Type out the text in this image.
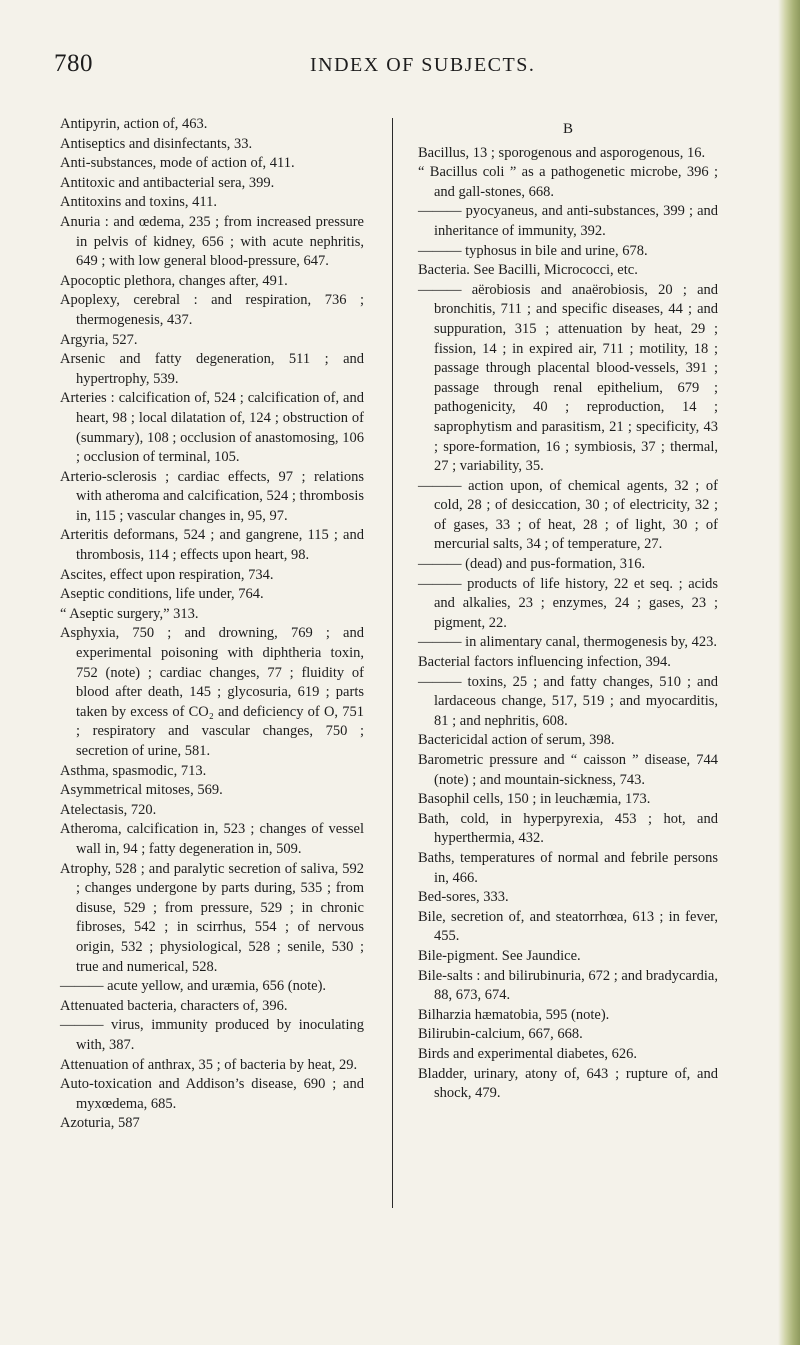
780	INDEX OF SUBJECTS.

Antipyrin, action of, 463.

Antiseptics and disinfectants, 33.

Anti-substances, mode of action of, 411.

Antitoxic and antibacterial sera, 399.

Antitoxins and toxins, 411.

Anuria : and œdema, 235 ; from increased pressure in pelvis of kidney, 656 ; with acute nephritis, 649 ; with low general blood-pressure, 647.

Apocoptic plethora, changes after, 491.

Apoplexy, cerebral : and respiration, 736 ; thermogenesis, 437.

Argyria, 527.

Arsenic and fatty degeneration, 511 ; and hypertrophy, 539.

Arteries : calcification of, 524 ; calcification of, and heart, 98 ; local dilatation of, 124 ; obstruction of (summary), 108 ; occlusion of anastomosing, 106 ; occlusion of terminal, 105.

Arterio-sclerosis ; cardiac effects, 97 ; relations with atheroma and calcification, 524 ; thrombosis in, 115 ; vascular changes in, 95, 97.

Arteritis deformans, 524 ; and gangrene, 115 ; and thrombosis, 114 ; effects upon heart, 98.

Ascites, effect upon respiration, 734.

Aseptic conditions, life under, 764.

“ Aseptic surgery,” 313.

Asphyxia, 750 ; and drowning, 769 ; and experimental poisoning with diphtheria toxin, 752 (note) ; cardiac changes, 77 ; fluidity of blood after death, 145 ; glycosuria, 619 ; parts taken by excess of CO₂ and deficiency of O, 751 ; respiratory and vascular changes, 750 ; secretion of urine, 581.

Asthma, spasmodic, 713.

Asymmetrical mitoses, 569.

Atelectasis, 720.

Atheroma, calcification in, 523 ; changes of vessel wall in, 94 ; fatty degeneration in, 509.

Atrophy, 528 ; and paralytic secretion of saliva, 592 ; changes undergone by parts during, 535 ; from disuse, 529 ; from pressure, 529 ; in chronic fibroses, 542 ; in scirrhus, 554 ; of nervous origin, 532 ; physiological, 528 ; senile, 530 ; true and numerical, 528.

——— acute yellow, and uræmia, 656 (note).

Attenuated bacteria, characters of, 396.

——— virus, immunity produced by inoculating with, 387.

Attenuation of anthrax, 35 ; of bacteria by heat, 29.

Auto-toxication and Addison’s disease, 690 ; and myxœdema, 685.

Azoturia, 587

B

Bacillus, 13 ; sporogenous and asporogenous, 16.

“ Bacillus coli ” as a pathogenetic microbe, 396 ; and gall-stones, 668.

——— pyocyaneus, and anti-substances, 399 ; and inheritance of immunity, 392.

——— typhosus in bile and urine, 678.

Bacteria. See Bacilli, Micrococci, etc.

——— aërobiosis and anaërobiosis, 20 ; and bronchitis, 711 ; and specific diseases, 44 ; and suppuration, 315 ; attenuation by heat, 29 ; fission, 14 ; in expired air, 711 ; motility, 18 ; passage through placental blood-vessels, 391 ; passage through renal epithelium, 679 ; pathogenicity, 40 ; reproduction, 14 ; saprophytism and parasitism, 21 ; specificity, 43 ; spore-formation, 16 ; symbiosis, 37 ; thermal, 27 ; variability, 35.

——— action upon, of chemical agents, 32 ; of cold, 28 ; of desiccation, 30 ; of electricity, 32 ; of gases, 33 ; of heat, 28 ; of light, 30 ; of mercurial salts, 34 ; of temperature, 27.

——— (dead) and pus-formation, 316.

——— products of life history, 22 et seq. ; acids and alkalies, 23 ; enzymes, 24 ; gases, 23 ; pigment, 22.

——— in alimentary canal, thermogenesis by, 423.

Bacterial factors influencing infection, 394.

——— toxins, 25 ; and fatty changes, 510 ; and lardaceous change, 517, 519 ; and myocarditis, 81 ; and nephritis, 608.

Bactericidal action of serum, 398.

Barometric pressure and “ caisson ” disease, 744 (note) ; and mountain-sickness, 743.

Basophil cells, 150 ; in leuchæmia, 173.

Bath, cold, in hyperpyrexia, 453 ; hot, and hyperthermia, 432.

Baths, temperatures of normal and febrile persons in, 466.

Bed-sores, 333.

Bile, secretion of, and steatorrhœa, 613 ; in fever, 455.

Bile-pigment. See Jaundice.

Bile-salts : and bilirubinuria, 672 ; and bradycardia, 88, 673, 674.

Bilharzia hæmatobia, 595 (note).

Bilirubin-calcium, 667, 668.

Birds and experimental diabetes, 626.

Bladder, urinary, atony of, 643 ; rupture of, and shock, 479.
